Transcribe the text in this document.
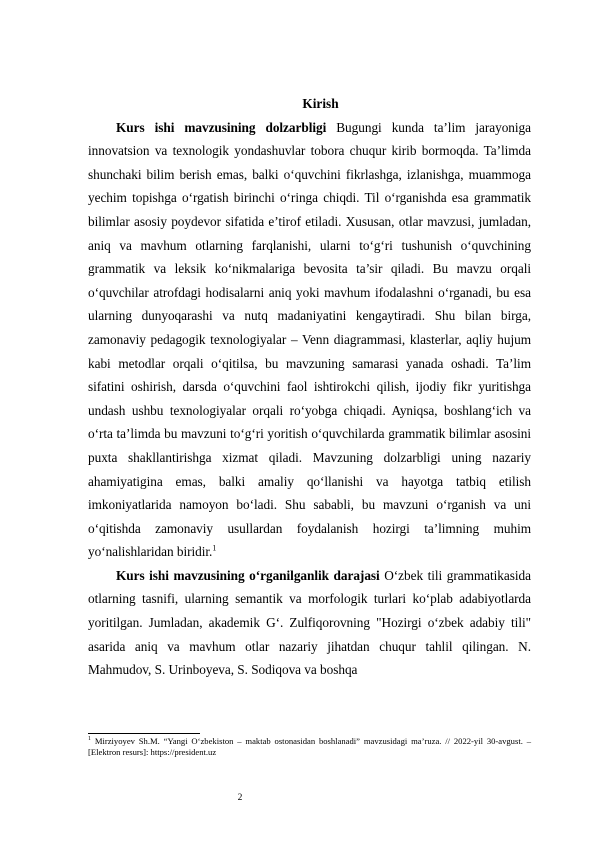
Kirish

Kurs ishi mavzusining dolzarbligi Bugungi kunda ta’lim jarayoniga innovatsion va texnologik yondashuvlar tobora chuqur kirib bormoqda. Ta’limda shunchaki bilim berish emas, balki o‘quvchini fikrlashga, izlanishga, muammoga yechim topishga o‘rgatish birinchi o‘ringa chiqdi. Til o‘rganishda esa grammatik bilimlar asosiy poydevor sifatida e’tirof etiladi. Xususan, otlar mavzusi, jumladan, aniq va mavhum otlarning farqlanishi, ularni to‘g‘ri tushunish o‘quvchining grammatik va leksik ko‘nikmalariga bevosita ta’sir qiladi. Bu mavzu orqali o‘quvchilar atrofdagi hodisalarni aniq yoki mavhum ifodalashni o‘rganadi, bu esa ularning dunyoqarashi va nutq madaniyatini kengaytiradi. Shu bilan birga, zamonaviy pedagogik texnologiyalar – Venn diagrammasi, klasterlar, aqliy hujum kabi metodlar orqali o‘qitilsa, bu mavzuning samarasi yanada oshadi. Ta’lim sifatini oshirish, darsda o‘quvchini faol ishtirokchi qilish, ijodiy fikr yuritishga undash ushbu texnologiyalar orqali ro‘yobga chiqadi. Ayniqsa, boshlang‘ich va o‘rta ta’limda bu mavzuni to‘g‘ri yoritish o‘quvchilarda grammatik bilimlar asosini puxta shakllantirishga xizmat qiladi. Mavzuning dolzarbligi uning nazariy ahamiyatigina emas, balki amaliy qo‘llanishi va hayotga tatbiq etilish imkoniyatlarida namoyon bo‘ladi. Shu sababli, bu mavzuni o‘rganish va uni o‘qitishda zamonaviy usullardan foydalanish hozirgi ta’limning muhim yo‘nalishlaridan biridir.$^1$

Kurs ishi mavzusining o‘rganilganlik darajasi O‘zbek tili grammatikasida otlarning tasnifi, ularning semantik va morfologik turlari ko‘plab adabiyotlarda yoritilgan. Jumladan, akademik G‘. Zulfiqorovning "Hozirgi o‘zbek adabiy tili" asarida aniq va mavhum otlar nazariy jihatdan chuqur tahlil qilingan. N. Mahmudov, S. Urinboyeva, S. Sodiqova va boshqa

$^1$ Mirziyoyev Sh.M. “Yangi O‘zbekiston – maktab ostonasidan boshlanadi” mavzusidagi ma’ruza. // 2022-yil 30-avgust. – [Elektron resurs]: https://president.uz
2
